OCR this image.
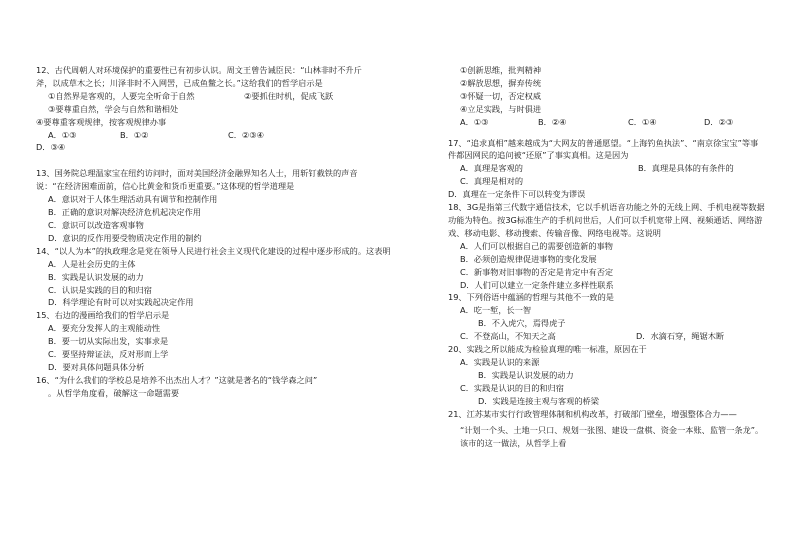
12、古代周朝人对环境保护的重要性已有初步认识。周文王曾告诫臣民：“山林非时不升斤
斧，以成草木之长；川泽非时不入网罟，已成鱼鳖之长。”这给我们的哲学启示是
①自然界是客观的，人要完全听命于自然	②要抓住时机，促成飞跃
③要尊重自然，学会与自然和谐相处
④要尊重客观规律，按客观规律办事
A．①③	B．①②	C．②③④
D．③④
13、国务院总理温家宝在纽约访问时，面对美国经济金融界知名人士，用斩钉截铁的声音
说：“在经济困难面前，信心比黄金和货币更重要。”这体现的哲学道理是
A．意识对于人体生理活动具有调节和控制作用
B．正确的意识对解决经济危机起决定作用
C．意识可以改造客观事物
D．意识的反作用要受物质决定作用的制约
14、“以人为本”的执政理念是党在领导人民进行社会主义现代化建设的过程中逐步形成的。这表明
A．人是社会历史的主体
B．实践是认识发展的动力
C．认识是实践的目的和归宿
D．科学理论有时可以对实践起决定作用
15、右边的漫画给我们的哲学启示是
A．要充分发挥人的主观能动性
B．要一切从实际出发，实事求是
C．要坚持辩证法，反对形而上学
D．要对具体问题具体分析
16、“为什么我们的学校总是培养不出杰出人才？”这就是著名的“钱学森之问”
。从哲学角度看，破解这一命题需要
①创新思维，批判精神
②解放思想，摒弃传统
③怀疑一切，否定权威
④立足实践，与时俱进
A．①③	B．②④	C．①④	D．②③
17、“追求真相”越来越成为“大网友的普通愿望。“上海钓鱼执法”、“南京徐宝宝”等事件都因网民的追问被“还原”了事实真相。这是因为
A．真理是客观的	B．真理是具体的有条件的
C．真理是相对的
D．真理在一定条件下可以转变为谬误
18、3G是指第三代数字通信技术，它以手机语音功能之外的无线上网、手机电视等数据功能为特色。按3G标准生产的手机问世后，人们可以手机宽带上网、视频通话、网络游戏、移动电影、移动搜索、传输音像、网络电视等。这说明
A．人们可以根据自己的需要创造新的事物
B．必须创造规律促进事物的变化发展
C．新事物对旧事物的否定是肯定中有否定
D．人们可以建立一定条件建立多样性联系
19、下列俗语中蕴涵的哲理与其他不一致的是
A．吃一堑，长一智
B．不入虎穴，焉得虎子
C．不登高山，不知天之高	D．水滴石穿，绳锯木断
20、实践之所以能成为检验真理的唯一标准，原因在于
A．实践是认识的来源
B．实践是认识发展的动力
C．实践是认识的目的和归宿
D．实践是连接主观与客观的桥梁
21、江苏某市实行行政管理体制和机构改革，打破部门壁垒，增强整体合力——
“计划一个头、土地一只口、规划一张图、建设一盘棋、资金一本账、监管一条龙”。该市的这一做法，从哲学上看
